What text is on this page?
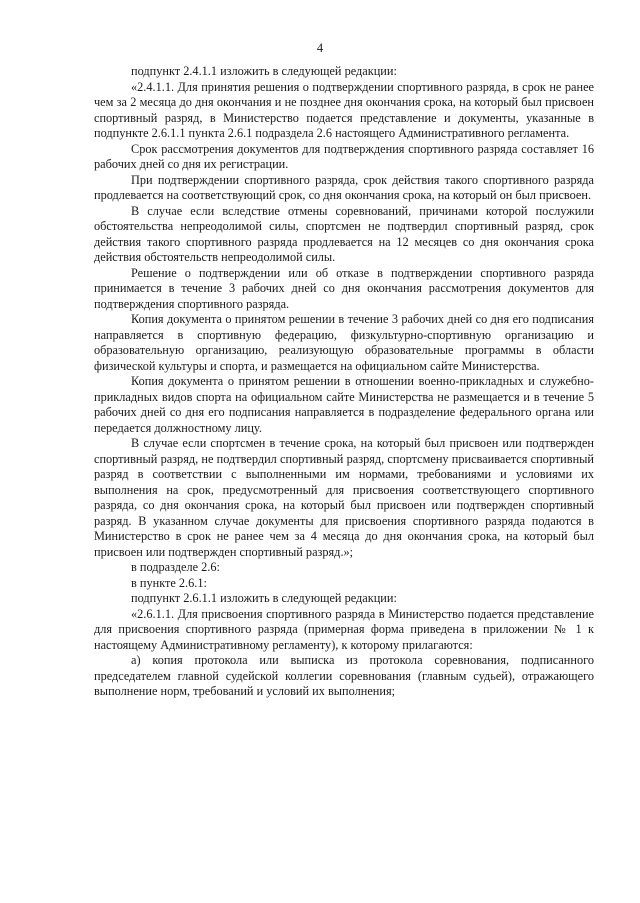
4

подпункт 2.4.1.1 изложить в следующей редакции:

«2.4.1.1. Для принятия решения о подтверждении спортивного разряда, в срок не ранее чем за 2 месяца до дня окончания и не позднее дня окончания срока, на который был присвоен спортивный разряд, в Министерство подается представление и документы, указанные в подпункте 2.6.1.1 пункта 2.6.1 подраздела 2.6 настоящего Административного регламента.

Срок рассмотрения документов для подтверждения спортивного разряда составляет 16 рабочих дней со дня их регистрации.

При подтверждении спортивного разряда, срок действия такого спортивного разряда продлевается на соответствующий срок, со дня окончания срока, на который он был присвоен.

В случае если вследствие отмены соревнований, причинами которой послужили обстоятельства непреодолимой силы, спортсмен не подтвердил спортивный разряд, срок действия такого спортивного разряда продлевается на 12 месяцев со дня окончания срока действия обстоятельств непреодолимой силы.

Решение о подтверждении или об отказе в подтверждении спортивного разряда принимается в течение 3 рабочих дней со дня окончания рассмотрения документов для подтверждения спортивного разряда.

Копия документа о принятом решении в течение 3 рабочих дней со дня его подписания направляется в спортивную федерацию, физкультурно-спортивную организацию и образовательную организацию, реализующую образовательные программы в области физической культуры и спорта, и размещается на официальном сайте Министерства.

Копия документа о принятом решении в отношении военно-прикладных и служебно-прикладных видов спорта на официальном сайте Министерства не размещается и в течение 5 рабочих дней со дня его подписания направляется в подразделение федерального органа или передается должностному лицу.

В случае если спортсмен в течение срока, на который был присвоен или подтвержден спортивный разряд, не подтвердил спортивный разряд, спортсмену присваивается спортивный разряд в соответствии с выполненными им нормами, требованиями и условиями их выполнения на срок, предусмотренный для присвоения соответствующего спортивного разряда, со дня окончания срока, на который был присвоен или подтвержден спортивный разряд. В указанном случае документы для присвоения спортивного разряда подаются в Министерство в срок не ранее чем за 4 месяца до дня окончания срока, на который был присвоен или подтвержден спортивный разряд.»;

в подразделе 2.6:

в пункте 2.6.1:

подпункт 2.6.1.1 изложить в следующей редакции:

«2.6.1.1. Для присвоения спортивного разряда в Министерство подается представление для присвоения спортивного разряда (примерная форма приведена в приложении № 1 к настоящему Административному регламенту), к которому прилагаются:

а) копия протокола или выписка из протокола соревнования, подписанного председателем главной судейской коллегии соревнования (главным судьей), отражающего выполнение норм, требований и условий их выполнения;
